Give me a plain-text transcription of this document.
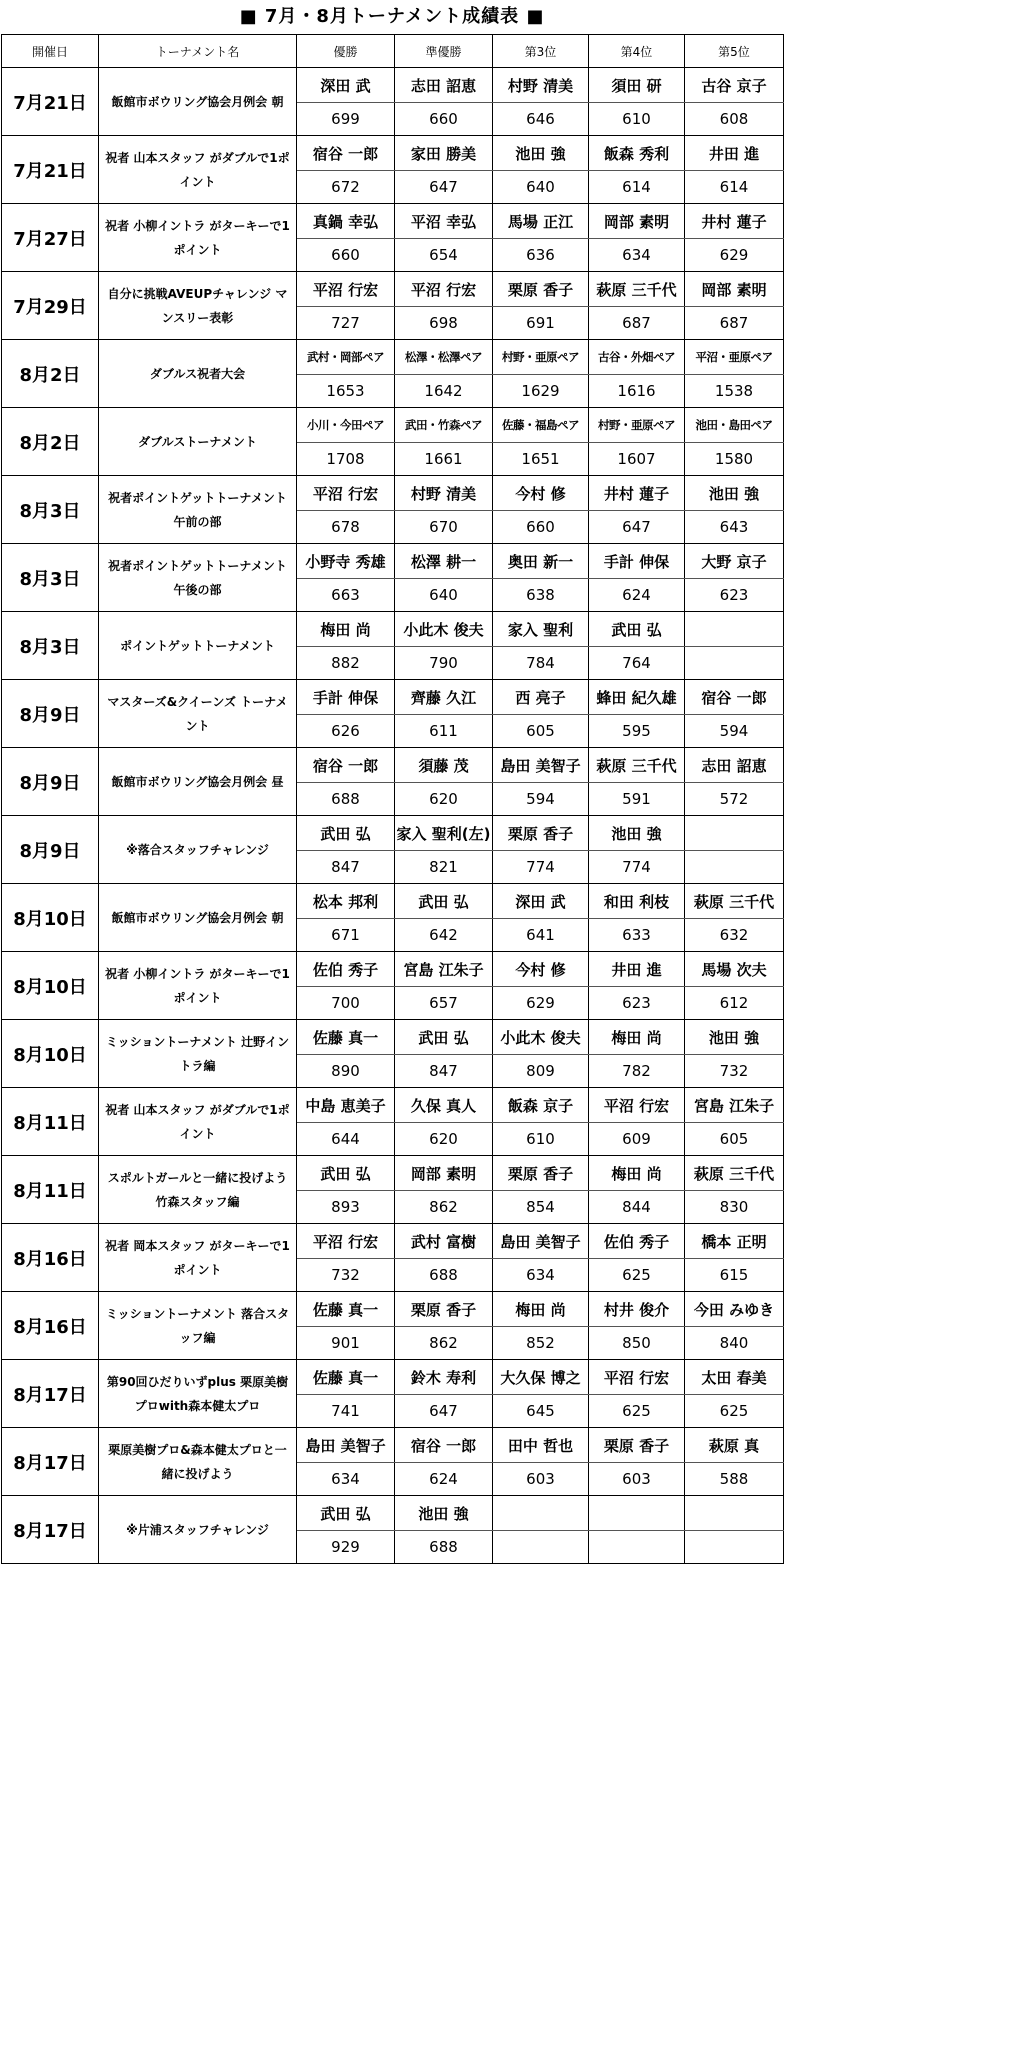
■ 7月・8月トーナメント成績表 ■
開催日	トーナメント名	優勝	準優勝	第3位	第4位	第5位
7月21日	飯館市ボウリング協会月例会 朝	深田 武	志田 詔恵	村野 清美	須田 研	古谷 京子
		699	660	646	610	608
7月21日	祝者 山本スタッフ がダブルで1ポイント	宿谷 一郎	家田 勝美	池田 強	飯森 秀利	井田 進
		672	647	640	614	614
7月27日	祝者 小柳イントラ がターキーで1ポイント	真鍋 幸弘	平沼 幸弘	馬場 正江	岡部 素明	井村 蓮子
		660	654	636	634	629
7月29日	自分に挑戦AVEUPチャレンジ マンスリー表彰	平沼 行宏	平沼 行宏	栗原 香子	萩原 三千代	岡部 素明
		727	698	691	687	687
8月2日	ダブルス祝者大会	武村・岡部ペア	松澤・松澤ペア	村野・亜原ペア	古谷・外畑ペア	平沼・亜原ペア
		1653	1642	1629	1616	1538
8月2日	ダブルストーナメント	小川・今田ペア	武田・竹森ペア	佐藤・福島ペア	村野・亜原ペア	池田・島田ペア
		1708	1661	1651	1607	1580
8月3日	祝者ポイントゲットトーナメント 午前の部	平沼 行宏	村野 清美	今村 修	井村 蓮子	池田 強
		678	670	660	647	643
8月3日	祝者ポイントゲットトーナメント 午後の部	小野寺 秀雄	松澤 耕一	奥田 新一	手計 伸保	大野 京子
		663	640	638	624	623
8月3日	ポイントゲットトーナメント	梅田 尚	小此木 俊夫	家入 聖利	武田 弘	
		882	790	784	764	
8月9日	マスターズ&クイーンズ トーナメント	手計 伸保	齊藤 久江	西 亮子	蜂田 紀久雄	宿谷 一郎
		626	611	605	595	594
8月9日	飯館市ボウリング協会月例会 昼	宿谷 一郎	須藤 茂	島田 美智子	萩原 三千代	志田 詔恵
		688	620	594	591	572
8月9日	※落合スタッフチャレンジ	武田 弘	家入 聖利(左)	栗原 香子	池田 強	
		847	821	774	774	
8月10日	飯館市ボウリング協会月例会 朝	松本 邦利	武田 弘	深田 武	和田 利枝	萩原 三千代
		671	642	641	633	632
8月10日	祝者 小柳イントラ がターキーで1ポイント	佐伯 秀子	宮島 江朱子	今村 修	井田 進	馬場 次夫
		700	657	629	623	612
8月10日	ミッショントーナメント 辻野イントラ編	佐藤 真一	武田 弘	小此木 俊夫	梅田 尚	池田 強
		890	847	809	782	732
8月11日	祝者 山本スタッフ がダブルで1ポイント	中島 恵美子	久保 真人	飯森 京子	平沼 行宏	宮島 江朱子
		644	620	610	609	605
8月11日	スポルトガールと一緒に投げよう 竹森スタッフ編	武田 弘	岡部 素明	栗原 香子	梅田 尚	萩原 三千代
		893	862	854	844	830
8月16日	祝者 岡本スタッフ がターキーで1ポイント	平沼 行宏	武村 富樹	島田 美智子	佐伯 秀子	橋本 正明
		732	688	634	625	615
8月16日	ミッショントーナメント 落合スタッフ編	佐藤 真一	栗原 香子	梅田 尚	村井 俊介	今田 みゆき
		901	862	852	850	840
8月17日	第90回ひだりいずplus 栗原美樹プロwith森本健太プロ	佐藤 真一	鈴木 寿利	大久保 博之	平沼 行宏	太田 春美
		741	647	645	625	625
8月17日	栗原美樹プロ&森本健太プロと一緒に投げよう	島田 美智子	宿谷 一郎	田中 哲也	栗原 香子	萩原 真
		634	624	603	603	588
8月17日	※片浦スタッフチャレンジ	武田 弘	池田 強			
		929	688			
